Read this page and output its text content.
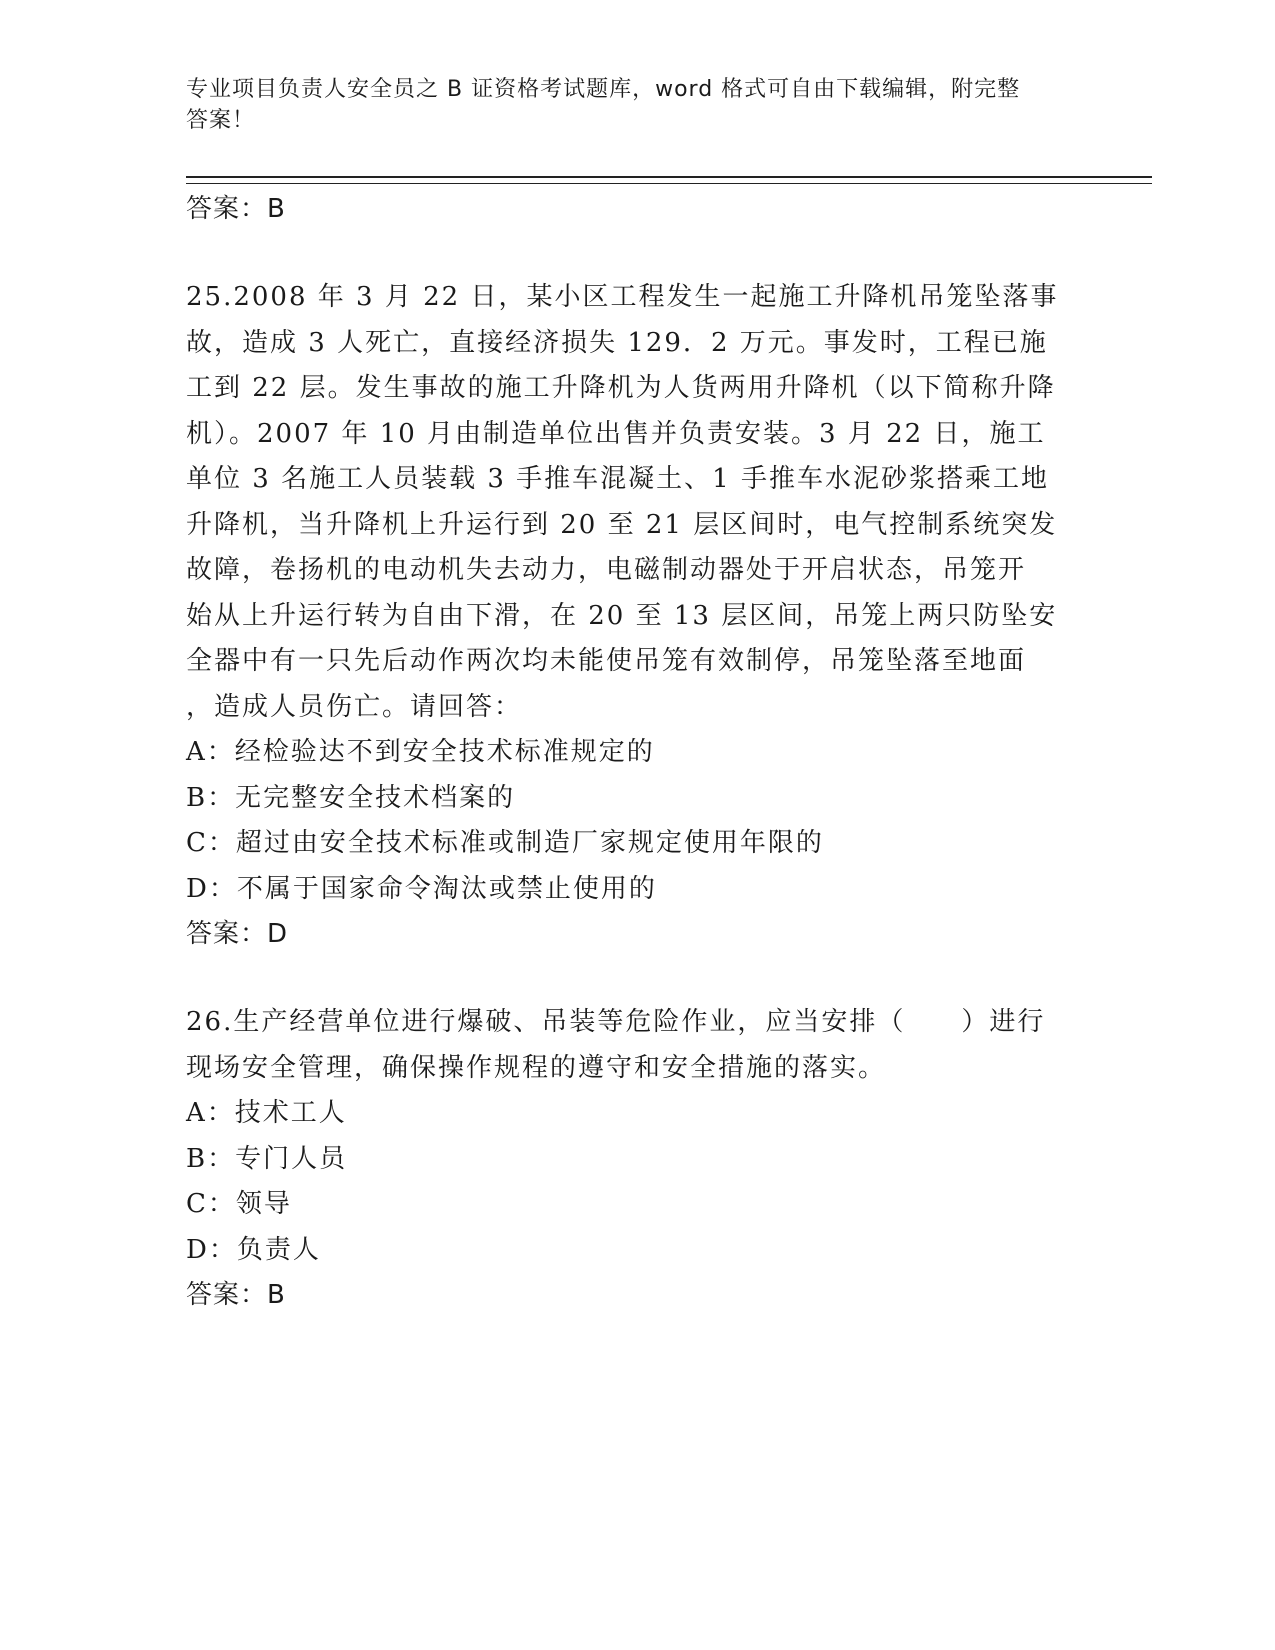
专业项目负责人安全员之 B 证资格考试题库，word 格式可自由下载编辑，附完整
答案！
答案：B
25.2008 年 3 月 22 日，某小区工程发生一起施工升降机吊笼坠落事
故，造成 3 人死亡，直接经济损失 129．2 万元。事发时，工程已施
工到 22 层。发生事故的施工升降机为人货两用升降机（以下简称升降
机）。2007 年 10 月由制造单位出售并负责安装。3 月 22 日，施工
单位 3 名施工人员装载 3 手推车混凝土、1 手推车水泥砂浆搭乘工地
升降机，当升降机上升运行到 20 至 21 层区间时，电气控制系统突发
故障，卷扬机的电动机失去动力，电磁制动器处于开启状态，吊笼开
始从上升运行转为自由下滑，在 20 至 13 层区间，吊笼上两只防坠安
全器中有一只先后动作两次均未能使吊笼有效制停，吊笼坠落至地面
，造成人员伤亡。请回答：
A：经检验达不到安全技术标准规定的
B：无完整安全技术档案的
C：超过由安全技术标准或制造厂家规定使用年限的
D：不属于国家命令淘汰或禁止使用的
答案：D
26.生产经营单位进行爆破、吊装等危险作业，应当安排（　　）进行
现场安全管理，确保操作规程的遵守和安全措施的落实。
A：技术工人
B：专门人员
C：领导
D：负责人
答案：B
